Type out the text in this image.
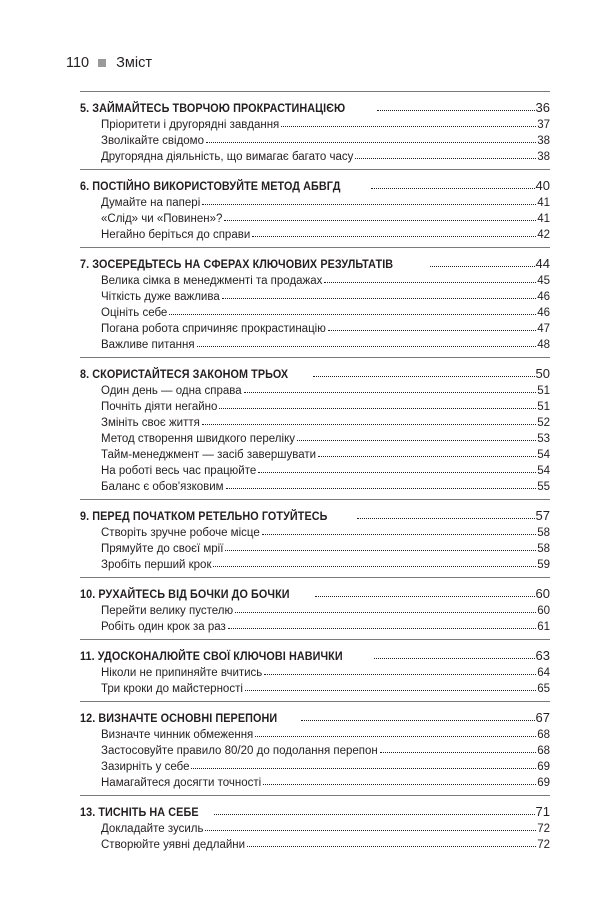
110 Зміст
5. ЗАЙМАЙТЕСЬ ТВОРЧОЮ ПРОКРАСТИНАЦІЄЮ	36
Пріоритети і другорядні завдання	37
Зволікайте свідомо	38
Другорядна діяльність, що вимагає багато часу	38
6. ПОСТІЙНО ВИКОРИСТОВУЙТЕ МЕТОД АБВГД	40
Думайте на папері	41
«Слід» чи «Повинен»?	41
Негайно беріться до справи	42
7. ЗОСЕРЕДЬТЕСЬ НА СФЕРАХ КЛЮЧОВИХ РЕЗУЛЬТАТІВ	44
Велика сімка в менеджменті та продажах	45
Чіткість дуже важлива	46
Оцініть себе	46
Погана робота спричиняє прокрастинацію	47
Важливе питання	48
8. СКОРИСТАЙТЕСЯ ЗАКОНОМ ТРЬОХ	50
Один день — одна справа	51
Почніть діяти негайно	51
Змініть своє життя	52
Метод створення швидкого переліку	53
Тайм-менеджмент — засіб завершувати	54
На роботі весь час працюйте	54
Баланс є обов'язковим	55
9. ПЕРЕД ПОЧАТКОМ РЕТЕЛЬНО ГОТУЙТЕСЬ	57
Створіть зручне робоче місце	58
Прямуйте до своєї мрії	58
Зробіть перший крок	59
10. РУХАЙТЕСЬ ВІД БОЧКИ ДО БОЧКИ	60
Перейти велику пустелю	60
Робіть один крок за раз	61
11. УДОСКОНАЛЮЙТЕ СВОЇ КЛЮЧОВІ НАВИЧКИ	63
Ніколи не припиняйте вчитись	64
Три кроки до майстерності	65
12. ВИЗНАЧТЕ ОСНОВНІ ПЕРЕПОНИ	67
Визначте чинник обмеження	68
Застосовуйте правило 80/20 до подолання перепон	68
Зазирніть у себе	69
Намагайтеся досягти точності	69
13. ТИСНІТЬ НА СЕБЕ	71
Докладайте зусиль	72
Створюйте уявні дедлайни	72
